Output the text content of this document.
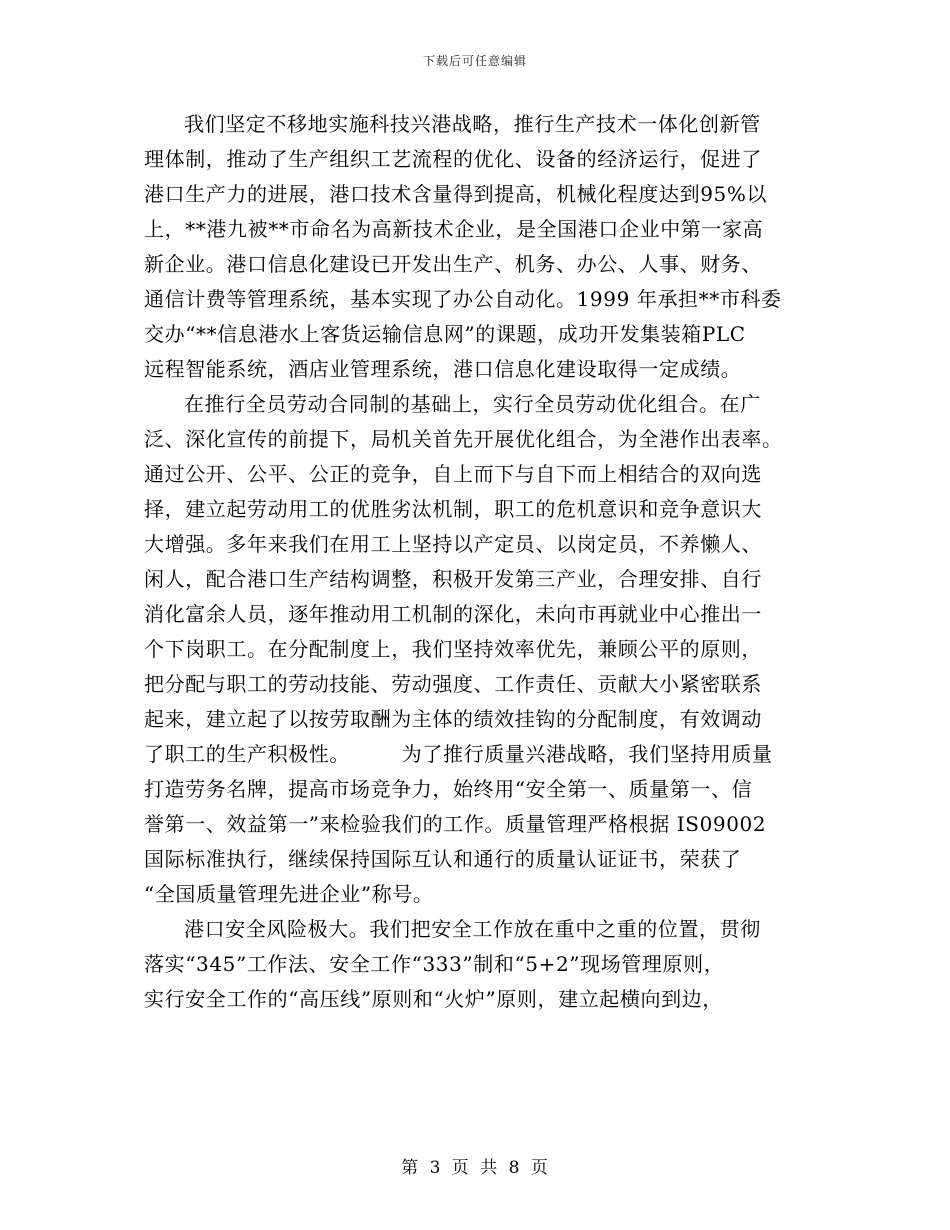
下载后可任意编辑
我们坚定不移地实施科技兴港战略，推行生产技术一体化创新管
理体制，推动了生产组织工艺流程的优化、设备的经济运行，促进了
港口生产力的进展，港口技术含量得到提高，机械化程度达到95%以
上，**港九被**市命名为高新技术企业，是全国港口企业中第一家高
新企业。港口信息化建设已开发出生产、机务、办公、人事、财务、
通信计费等管理系统，基本实现了办公自动化。1999 年承担**市科委
交办“**信息港水上客货运输信息网”的课题，成功开发集装箱PLC
远程智能系统，酒店业管理系统，港口信息化建设取得一定成绩。
在推行全员劳动合同制的基础上，实行全员劳动优化组合。在广
泛、深化宣传的前提下，局机关首先开展优化组合，为全港作出表率。
通过公开、公平、公正的竞争，自上而下与自下而上相结合的双向选
择，建立起劳动用工的优胜劣汰机制，职工的危机意识和竞争意识大
大增强。多年来我们在用工上坚持以产定员、以岗定员，不养懒人、
闲人，配合港口生产结构调整，积极开发第三产业，合理安排、自行
消化富余人员，逐年推动用工机制的深化，未向市再就业中心推出一
个下岗职工。在分配制度上，我们坚持效率优先，兼顾公平的原则，
把分配与职工的劳动技能、劳动强度、工作责任、贡献大小紧密联系
起来，建立起了以按劳取酬为主体的绩效挂钩的分配制度，有效调动
了职工的生产积极性。　　　为了推行质量兴港战略，我们坚持用质量
打造劳务名牌，提高市场竞争力，始终用“安全第一、质量第一、信
誉第一、效益第一”来检验我们的工作。质量管理严格根据 IS09002
国际标准执行，继续保持国际互认和通行的质量认证证书，荣获了
“全国质量管理先进企业”称号。
港口安全风险极大。我们把安全工作放在重中之重的位置，贯彻
落实“345”工作法、安全工作“333”制和“5+2”现场管理原则，
实行安全工作的“高压线”原则和“火炉”原则，建立起横向到边，
第 3 页 共 8 页
